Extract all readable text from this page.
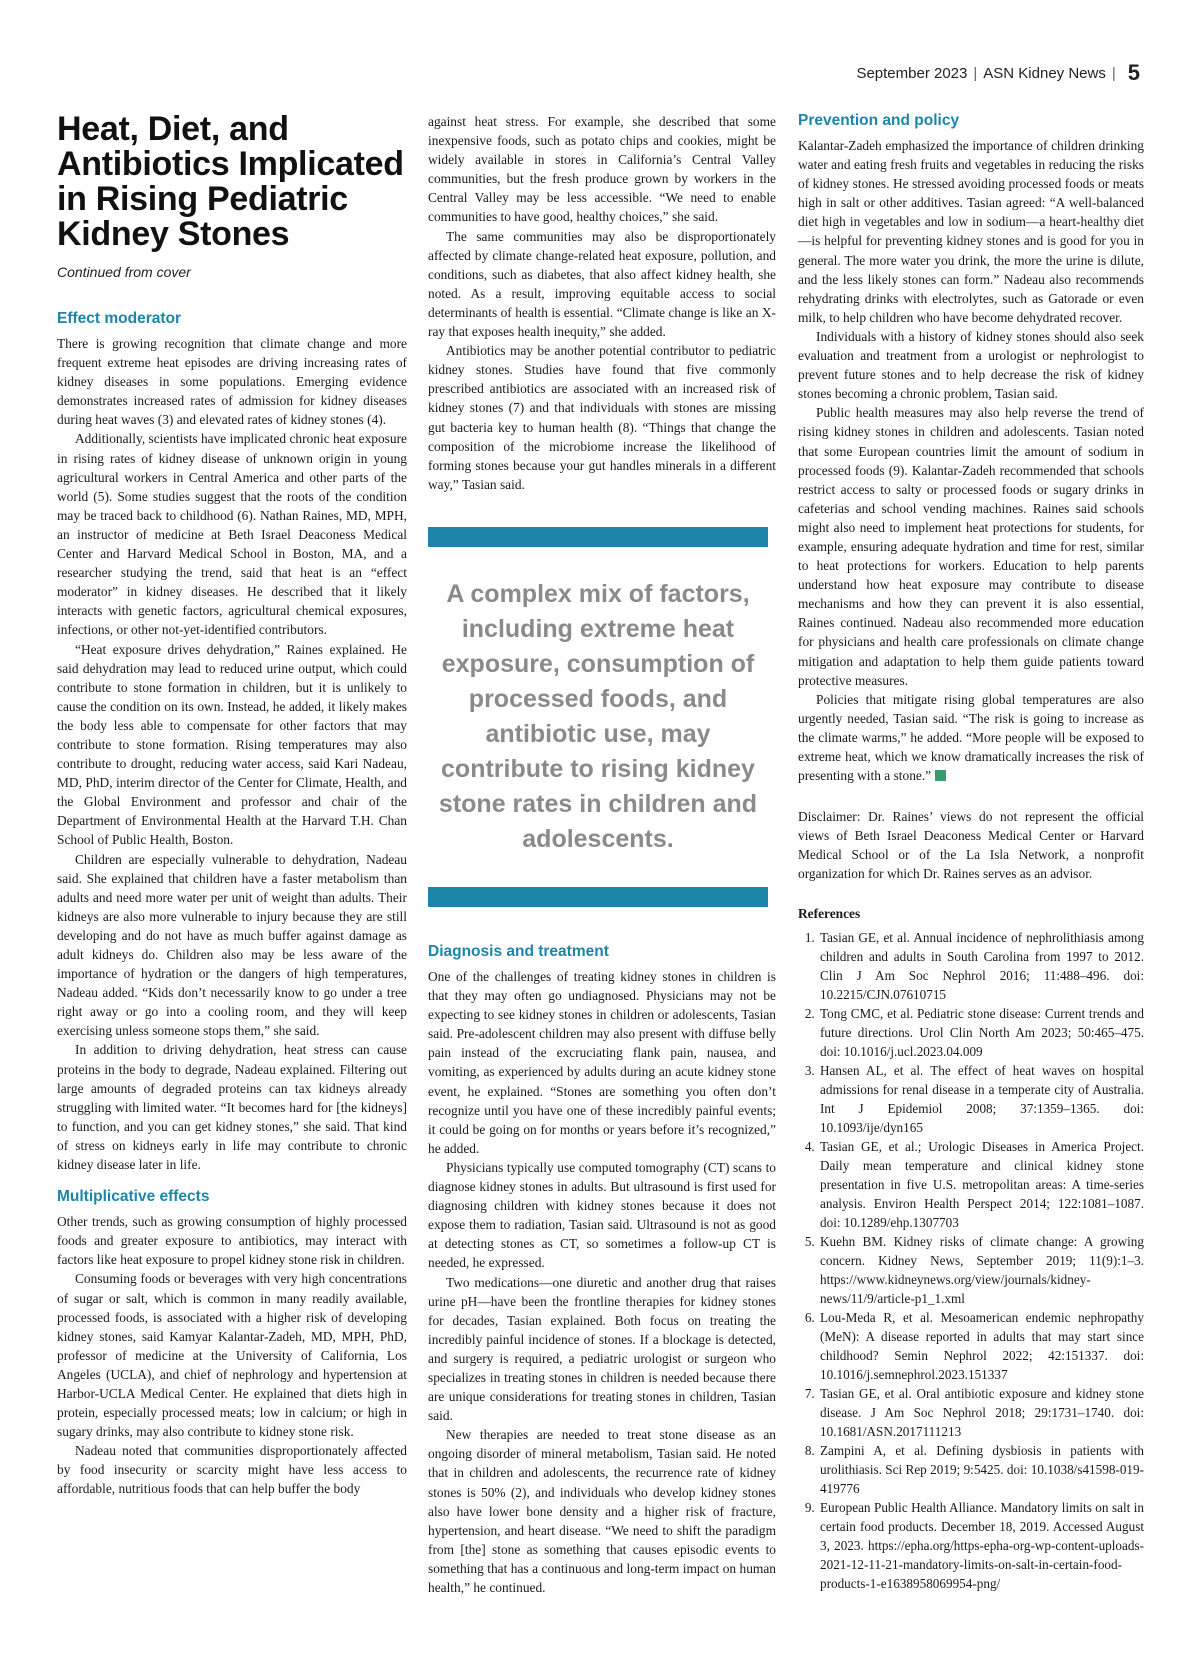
September 2023 | ASN Kidney News | 5
Heat, Diet, and Antibiotics Implicated in Rising Pediatric Kidney Stones
Continued from cover
Effect moderator

There is growing recognition that climate change and more frequent extreme heat episodes are driving increasing rates of kidney diseases in some populations. Emerging evidence demonstrates increased rates of admission for kidney diseases during heat waves (3) and elevated rates of kidney stones (4).

Additionally, scientists have implicated chronic heat exposure in rising rates of kidney disease of unknown origin in young agricultural workers in Central America and other parts of the world (5). Some studies suggest that the roots of the condition may be traced back to childhood (6). Nathan Raines, MD, MPH, an instructor of medicine at Beth Israel Deaconess Medical Center and Harvard Medical School in Boston, MA, and a researcher studying the trend, said that heat is an “effect moderator” in kidney diseases. He described that it likely interacts with genetic factors, agricultural chemical exposures, infections, or other not-yet-identified contributors.

“Heat exposure drives dehydration,” Raines explained. He said dehydration may lead to reduced urine output, which could contribute to stone formation in children, but it is unlikely to cause the condition on its own. Instead, he added, it likely makes the body less able to compensate for other factors that may contribute to stone formation. Rising temperatures may also contribute to drought, reducing water access, said Kari Nadeau, MD, PhD, interim director of the Center for Climate, Health, and the Global Environment and professor and chair of the Department of Environmental Health at the Harvard T.H. Chan School of Public Health, Boston.

Children are especially vulnerable to dehydration, Nadeau said. She explained that children have a faster metabolism than adults and need more water per unit of weight than adults. Their kidneys are also more vulnerable to injury because they are still developing and do not have as much buffer against damage as adult kidneys do. Children also may be less aware of the importance of hydration or the dangers of high temperatures, Nadeau added. “Kids don’t necessarily know to go under a tree right away or go into a cooling room, and they will keep exercising unless someone stops them,” she said.

In addition to driving dehydration, heat stress can cause proteins in the body to degrade, Nadeau explained. Filtering out large amounts of degraded proteins can tax kidneys already struggling with limited water. “It becomes hard for [the kidneys] to function, and you can get kidney stones,” she said. That kind of stress on kidneys early in life may contribute to chronic kidney disease later in life.

Multiplicative effects

Other trends, such as growing consumption of highly processed foods and greater exposure to antibiotics, may interact with factors like heat exposure to propel kidney stone risk in children.

Consuming foods or beverages with very high concentrations of sugar or salt, which is common in many readily available, processed foods, is associated with a higher risk of developing kidney stones, said Kamyar Kalantar-Zadeh, MD, MPH, PhD, professor of medicine at the University of California, Los Angeles (UCLA), and chief of nephrology and hypertension at Harbor-UCLA Medical Center. He explained that diets high in protein, especially processed meats; low in calcium; or high in sugary drinks, may also contribute to kidney stone risk.

Nadeau noted that communities disproportionately affected by food insecurity or scarcity might have less access to affordable, nutritious foods that can help buffer the body

against heat stress. For example, she described that some inexpensive foods, such as potato chips and cookies, might be widely available in stores in California’s Central Valley communities, but the fresh produce grown by workers in the Central Valley may be less accessible. “We need to enable communities to have good, healthy choices,” she said.

The same communities may also be disproportionately affected by climate change-related heat exposure, pollution, and conditions, such as diabetes, that also affect kidney health, she noted. As a result, improving equitable access to social determinants of health is essential. “Climate change is like an X-ray that exposes health inequity,” she added.

Antibiotics may be another potential contributor to pediatric kidney stones. Studies have found that five commonly prescribed antibiotics are associated with an increased risk of kidney stones (7) and that individuals with stones are missing gut bacteria key to human health (8). “Things that change the composition of the microbiome increase the likelihood of forming stones because your gut handles minerals in a different way,” Tasian said.

A complex mix of factors, including extreme heat exposure, consumption of processed foods, and antibiotic use, may contribute to rising kidney stone rates in children and adolescents.
Diagnosis and treatment

One of the challenges of treating kidney stones in children is that they may often go undiagnosed. Physicians may not be expecting to see kidney stones in children or adolescents, Tasian said. Pre-adolescent children may also present with diffuse belly pain instead of the excruciating flank pain, nausea, and vomiting, as experienced by adults during an acute kidney stone event, he explained. “Stones are something you often don’t recognize until you have one of these incredibly painful events; it could be going on for months or years before it’s recognized,” he added.

Physicians typically use computed tomography (CT) scans to diagnose kidney stones in adults. But ultrasound is first used for diagnosing children with kidney stones because it does not expose them to radiation, Tasian said. Ultrasound is not as good at detecting stones as CT, so sometimes a follow-up CT is needed, he expressed.

Two medications—one diuretic and another drug that raises urine pH—have been the frontline therapies for kidney stones for decades, Tasian explained. Both focus on treating the incredibly painful incidence of stones. If a blockage is detected, and surgery is required, a pediatric urologist or surgeon who specializes in treating stones in children is needed because there are unique considerations for treating stones in children, Tasian said.

New therapies are needed to treat stone disease as an ongoing disorder of mineral metabolism, Tasian said. He noted that in children and adolescents, the recurrence rate of kidney stones is 50% (2), and individuals who develop kidney stones also have lower bone density and a higher risk of fracture, hypertension, and heart disease. “We need to shift the paradigm from [the] stone as something that causes episodic events to something that has a continuous and long-term impact on human health,” he continued.

Prevention and policy

Kalantar-Zadeh emphasized the importance of children drinking water and eating fresh fruits and vegetables in reducing the risks of kidney stones. He stressed avoiding processed foods or meats high in salt or other additives. Tasian agreed: “A well-balanced diet high in vegetables and low in sodium—a heart-healthy diet—is helpful for preventing kidney stones and is good for you in general. The more water you drink, the more the urine is dilute, and the less likely stones can form.” Nadeau also recommends rehydrating drinks with electrolytes, such as Gatorade or even milk, to help children who have become dehydrated recover.

Individuals with a history of kidney stones should also seek evaluation and treatment from a urologist or nephrologist to prevent future stones and to help decrease the risk of kidney stones becoming a chronic problem, Tasian said.

Public health measures may also help reverse the trend of rising kidney stones in children and adolescents. Tasian noted that some European countries limit the amount of sodium in processed foods (9). Kalantar-Zadeh recommended that schools restrict access to salty or processed foods or sugary drinks in cafeterias and school vending machines. Raines said schools might also need to implement heat protections for students, for example, ensuring adequate hydration and time for rest, similar to heat protections for workers. Education to help parents understand how heat exposure may contribute to disease mechanisms and how they can prevent it is also essential, Raines continued. Nadeau also recommended more education for physicians and health care professionals on climate change mitigation and adaptation to help them guide patients toward protective measures.

Policies that mitigate rising global temperatures are also urgently needed, Tasian said. “The risk is going to increase as the climate warms,” he added. “More people will be exposed to extreme heat, which we know dramatically increases the risk of presenting with a stone.”

Disclaimer: Dr. Raines’ views do not represent the official views of Beth Israel Deaconess Medical Center or Harvard Medical School or of the La Isla Network, a nonprofit organization for which Dr. Raines serves as an advisor.

References
1. Tasian GE, et al. Annual incidence of nephrolithiasis among children and adults in South Carolina from 1997 to 2012. Clin J Am Soc Nephrol 2016; 11:488–496. doi: 10.2215/CJN.07610715
2. Tong CMC, et al. Pediatric stone disease: Current trends and future directions. Urol Clin North Am 2023; 50:465–475. doi: 10.1016/j.ucl.2023.04.009
3. Hansen AL, et al. The effect of heat waves on hospital admissions for renal disease in a temperate city of Australia. Int J Epidemiol 2008; 37:1359–1365. doi: 10.1093/ije/dyn165
4. Tasian GE, et al.; Urologic Diseases in America Project. Daily mean temperature and clinical kidney stone presentation in five U.S. metropolitan areas: A time-series analysis. Environ Health Perspect 2014; 122:1081–1087. doi: 10.1289/ehp.1307703
5. Kuehn BM. Kidney risks of climate change: A growing concern. Kidney News, September 2019; 11(9):1–3. https://www.kidneynews.org/view/journals/kidney-news/11/9/article-p1_1.xml
6. Lou-Meda R, et al. Mesoamerican endemic nephropathy (MeN): A disease reported in adults that may start since childhood? Semin Nephrol 2022; 42:151337. doi: 10.1016/j.semnephrol.2023.151337
7. Tasian GE, et al. Oral antibiotic exposure and kidney stone disease. J Am Soc Nephrol 2018; 29:1731–1740. doi: 10.1681/ASN.2017111213
8. Zampini A, et al. Defining dysbiosis in patients with urolithiasis. Sci Rep 2019; 9:5425. doi: 10.1038/s41598-019-419776
9. European Public Health Alliance. Mandatory limits on salt in certain food products. December 18, 2019. Accessed August 3, 2023. https://epha.org/https-epha-org-wp-content-uploads-2021-12-11-21-mandatory-limits-on-salt-in-certain-food-products-1-e1638958069954-png/
